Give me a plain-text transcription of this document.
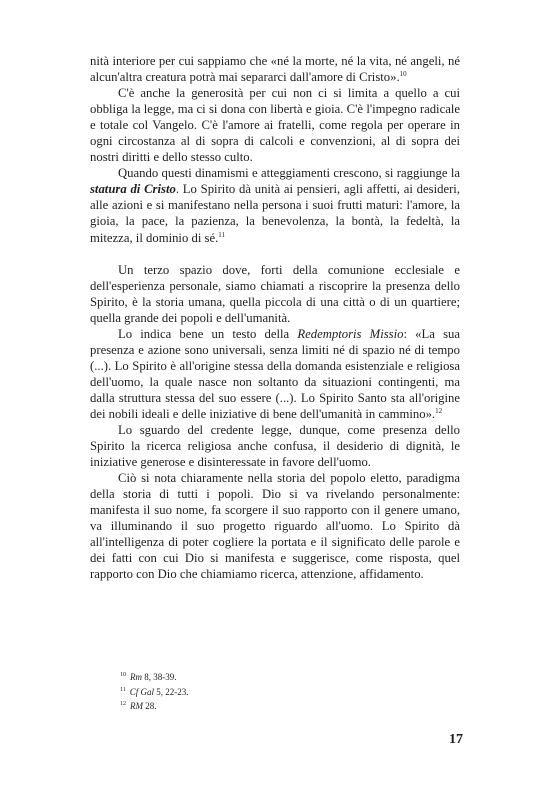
nità interiore per cui sappiamo che «né la morte, né la vita, né angeli, né alcun'altra creatura potrà mai separarci dall'amore di Cristo».$^{10}$

C'è anche la generosità per cui non ci si limita a quello a cui obbliga la legge, ma ci si dona con libertà e gioia. C'è l'impegno radicale e totale col Vangelo. C'è l'amore ai fratelli, come regola per operare in ogni circostanza al di sopra di calcoli e convenzioni, al di sopra dei nostri diritti e dello stesso culto.

Quando questi dinamismi e atteggiamenti crescono, si raggiunge la statura di Cristo. Lo Spirito dà unità ai pensieri, agli affetti, ai desideri, alle azioni e si manifestano nella persona i suoi frutti maturi: l'amore, la gioia, la pace, la pazienza, la benevolenza, la bontà, la fedeltà, la mitezza, il dominio di sé.$^{11}$

Un terzo spazio dove, forti della comunione ecclesiale e dell'esperienza personale, siamo chiamati a riscoprire la presenza dello Spirito, è la storia umana, quella piccola di una città o di un quartiere; quella grande dei popoli e dell'umanità.

Lo indica bene un testo della Redemptoris Missio: «La sua presenza e azione sono universali, senza limiti né di spazio né di tempo (...). Lo Spirito è all'origine stessa della domanda esistenziale e religiosa dell'uomo, la quale nasce non soltanto da situazioni contingenti, ma dalla struttura stessa del suo essere (...). Lo Spirito Santo sta all'origine dei nobili ideali e delle iniziative di bene dell'umanità in cammino».$^{12}$

Lo sguardo del credente legge, dunque, come presenza dello Spirito la ricerca religiosa anche confusa, il desiderio di dignità, le iniziative generose e disinteressate in favore dell'uomo.

Ciò si nota chiaramente nella storia del popolo eletto, paradigma della storia di tutti i popoli. Dio si va rivelando personalmente: manifesta il suo nome, fa scorgere il suo rapporto con il genere umano, va illuminando il suo progetto riguardo all'uomo. Lo Spirito dà all'intelligenza di poter cogliere la portata e il significato delle parole e dei fatti con cui Dio si manifesta e suggerisce, come risposta, quel rapporto con Dio che chiamiamo ricerca, attenzione, affidamento.

$^{10}$ Rm 8, 38-39.
$^{11}$ Cf Gal 5, 22-23.
$^{12}$ RM 28.
17
